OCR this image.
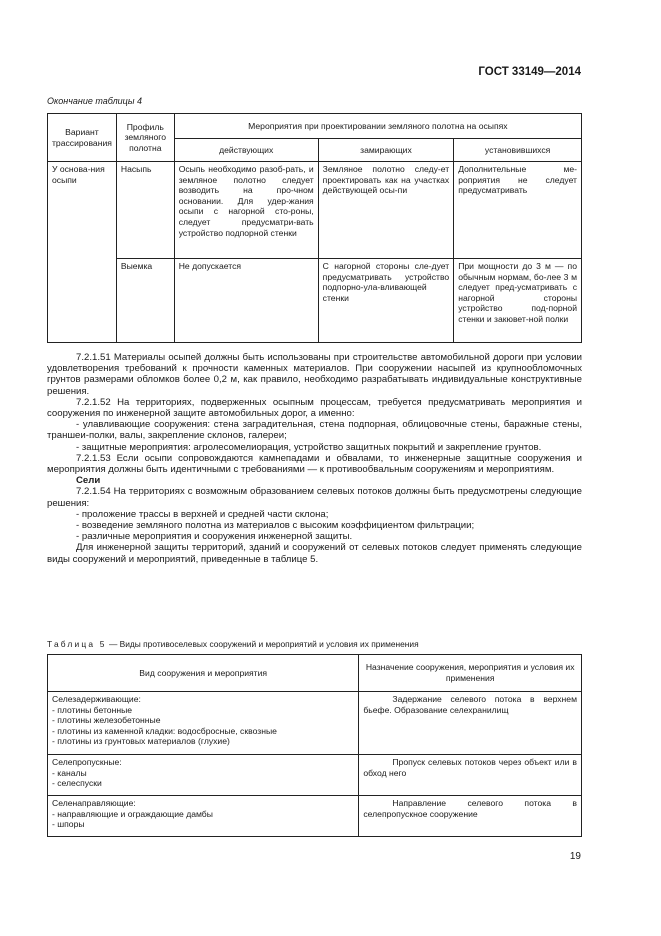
ГОСТ 33149—2014
Окончание таблицы 4
Вариант трассирования	Профиль земляного полотна	Мероприятия при проектировании земляного полотна на осыпях		
		действующих	замирающих	установившихся
У основа-ния осыпи	Насыпь	Осыпь необходимо разоб-рать, и земляное полотно следует возводить на про-чном основании. Для удер-жания осыпи с нагорной сто-роны, следует предусматри-вать устройство подпорной стенки	Земляное полотно следу-ет проектировать как на участках действующей осы-пи	Дополнительные ме-роприятия не следует предусматривать
	Выемка	Не допускается	С нагорной стороны сле-дует предусматривать устройство подпорно-ула-вливающей стенки	При мощности до 3 м — по обычным нормам, бо-лее 3 м следует пред-усматривать с нагорной стороны устройство под-порной стенки и закювет-ной полки

7.2.1.51 Материалы осыпей должны быть использованы при строительстве автомобильной дороги при условии удовлетворения требований к прочности каменных материалов. При сооружении насыпей из крупнообломочных грунтов размерами обломков более 0,2 м, как правило, необходимо разрабатывать индивидуальные конструктивные решения.

7.2.1.52 На территориях, подверженных осыпным процессам, требуется предусматривать мероприятия и сооружения по инженерной защите автомобильных дорог, а именно:

- улавливающие сооружения: стена заградительная, стена подпорная, облицовочные стены, баражные стены, траншеи-полки, валы, закрепление склонов, галереи;

- защитные мероприятия: агролесомелиорация, устройство защитных покрытий и закрепление грунтов.

7.2.1.53 Если осыпи сопровождаются камнепадами и обвалами, то инженерные защитные сооружения и мероприятия должны быть идентичными с требованиями — к противообвальным сооружениям и мероприятиям.

Сели

7.2.1.54 На территориях с возможным образованием селевых потоков должны быть предусмотрены следующие решения:

- проложение трассы в верхней и средней части склона;

- возведение земляного полотна из материалов с высоким коэффициентом фильтрации;

- различные мероприятия и сооружения инженерной защиты.

Для инженерной защиты территорий, зданий и сооружений от селевых потоков следует применять следующие виды сооружений и мероприятий, приведенные в таблице 5.

Таблица 5 — Виды противоселевых сооружений и мероприятий и условия их применения
Вид сооружения и мероприятия	Назначение сооружения, мероприятия и условия их применения

Селезадерживающие:
- плотины бетонные
- плотины железобетонные
- плотины из каменной кладки: водосбросные, сквозные
- плотины из грунтовых материалов (глухие)	Задержание селевого потока в верхнем бьефе. Образование селехранилищ

Селепропускные:
- каналы
- селеспуски	Пропуск селевых потоков через объект или в обход него

Селенаправляющие:
- направляющие и ограждающие дамбы
- шпоры	Направление селевого потока в селепропускное сооружение
19
